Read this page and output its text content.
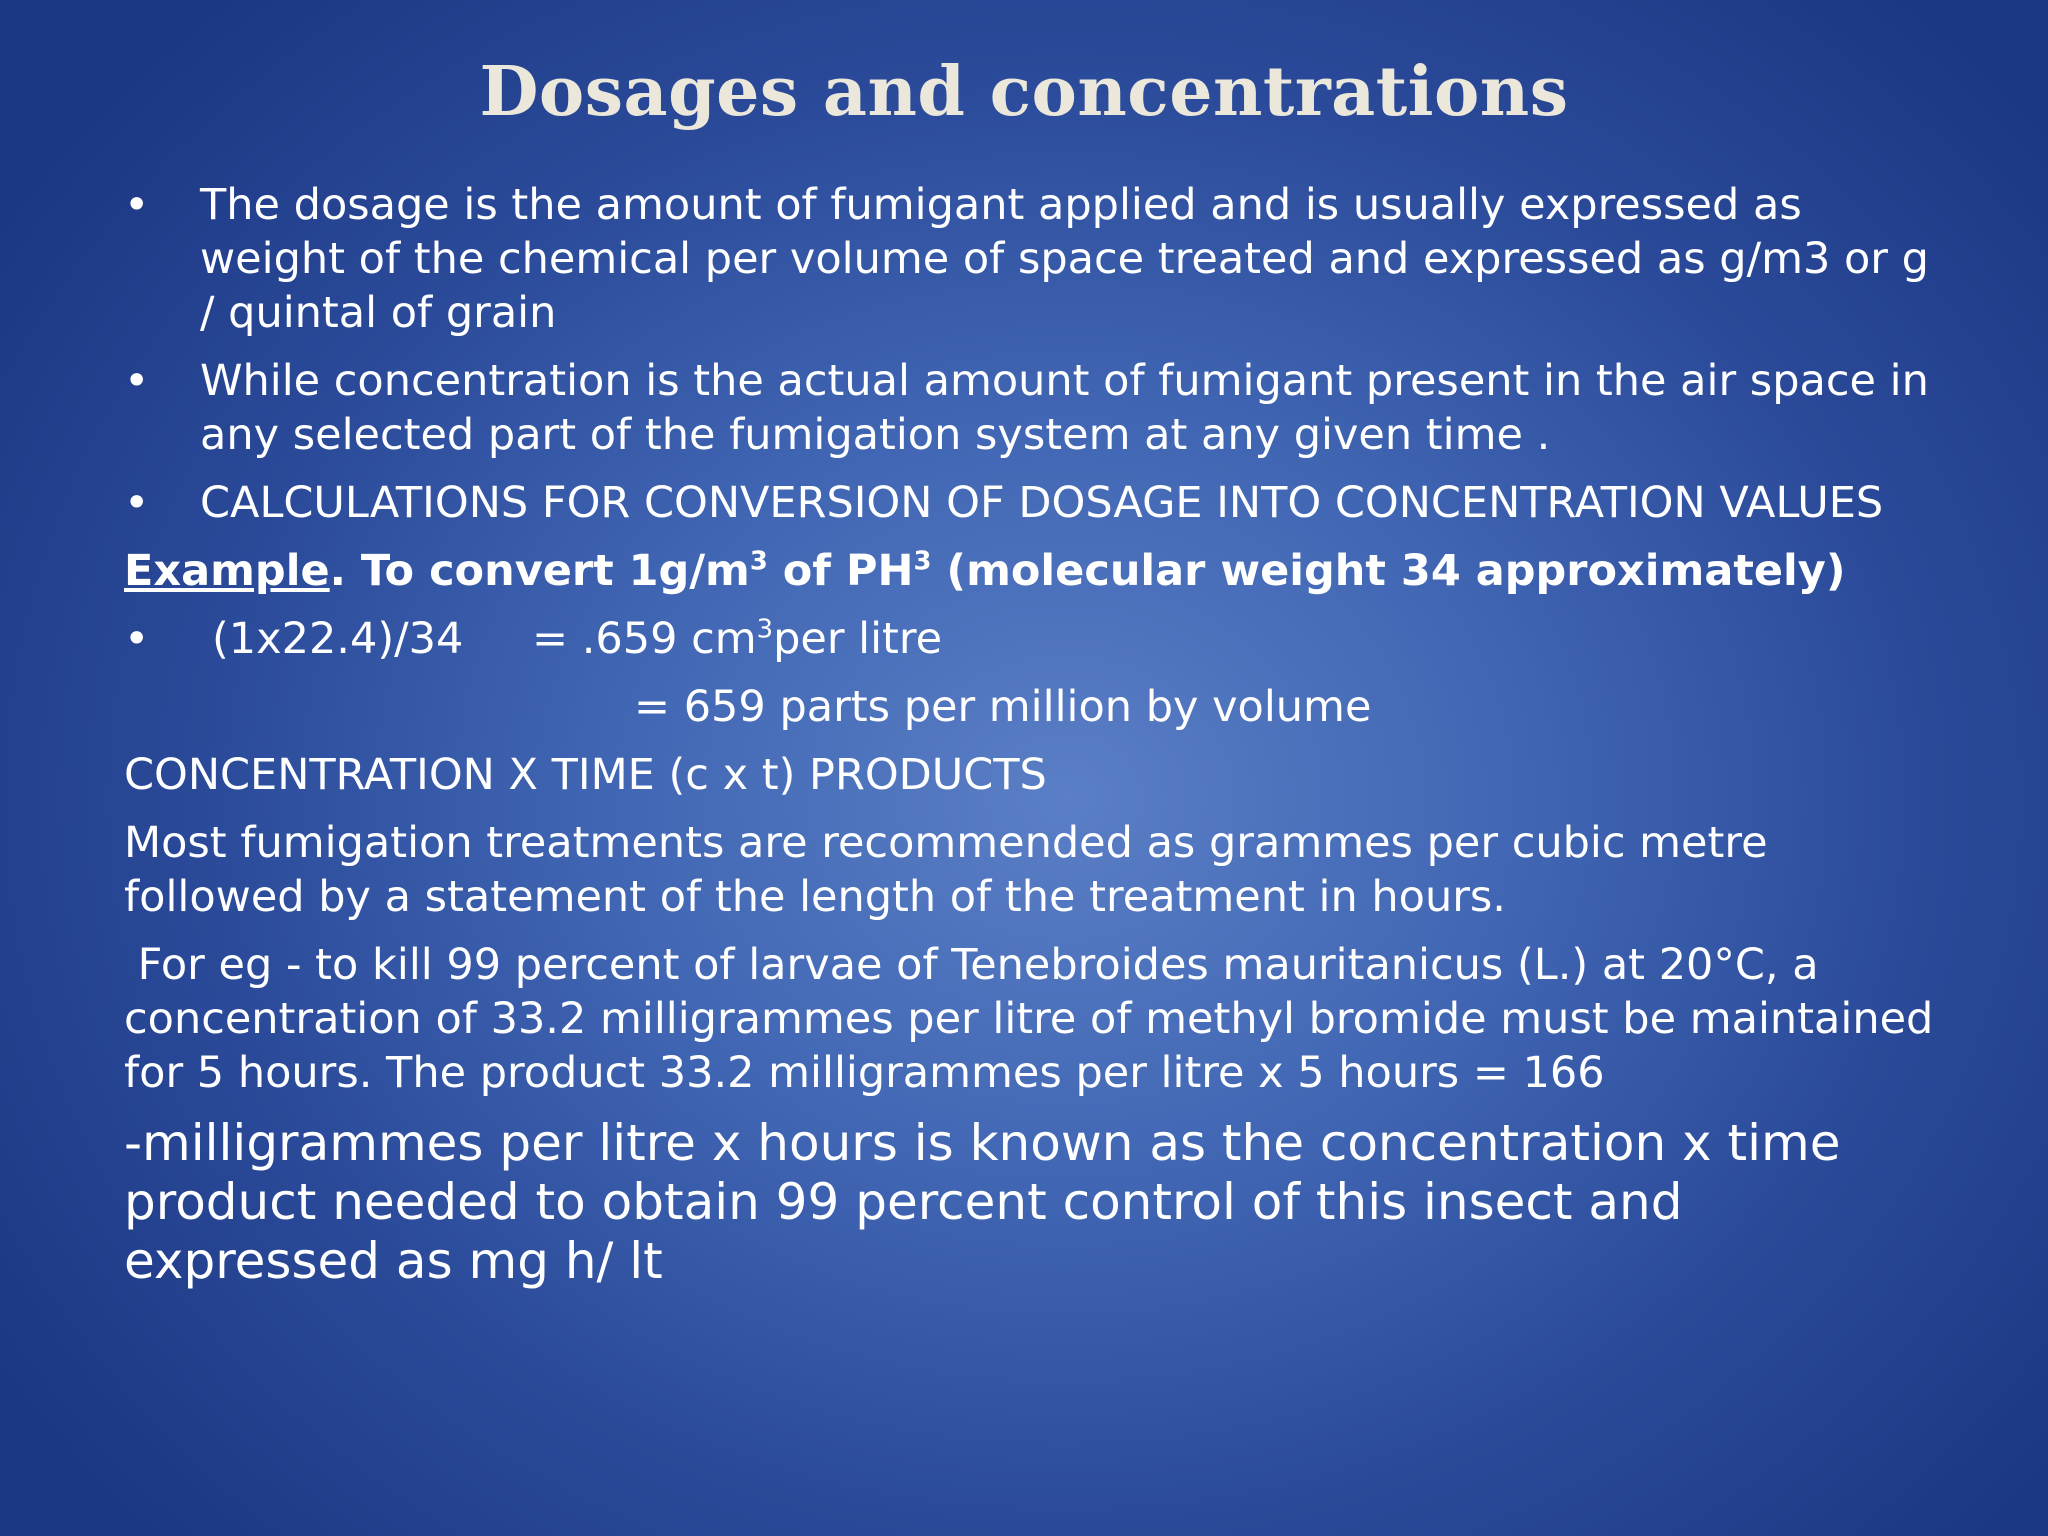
Dosages and concentrations
• The dosage is the amount of fumigant applied and is usually expressed as weight of the chemical per volume of space treated and expressed as g/m3 or g / quintal of grain
• While concentration is the actual amount of fumigant present in the air space in any selected part of the fumigation system at any given time .
• CALCULATIONS FOR CONVERSION OF DOSAGE INTO CONCENTRATION VALUES
Example. To convert $1g/m^3$ of $PH^3$ (molecular weight 34 approximately)
• (1x22.4)/34 = .659 $cm^3per$ litre
= 659 parts per million by volume
CONCENTRATION X TIME (c x t) PRODUCTS
Most fumigation treatments are recommended as grammes per cubic metre followed by a statement of the length of the treatment in hours.
For eg - to kill 99 percent of larvae of Tenebroides mauritanicus (L.) at 20°C, a concentration of 33.2 milligrammes per litre of methyl bromide must be maintained for 5 hours. The product 33.2 milligrammes per litre x 5 hours = 166
-milligrammes per litre x hours is known as the concentration x time product needed to obtain 99 percent control of this insect and expressed as mg h/ lt
